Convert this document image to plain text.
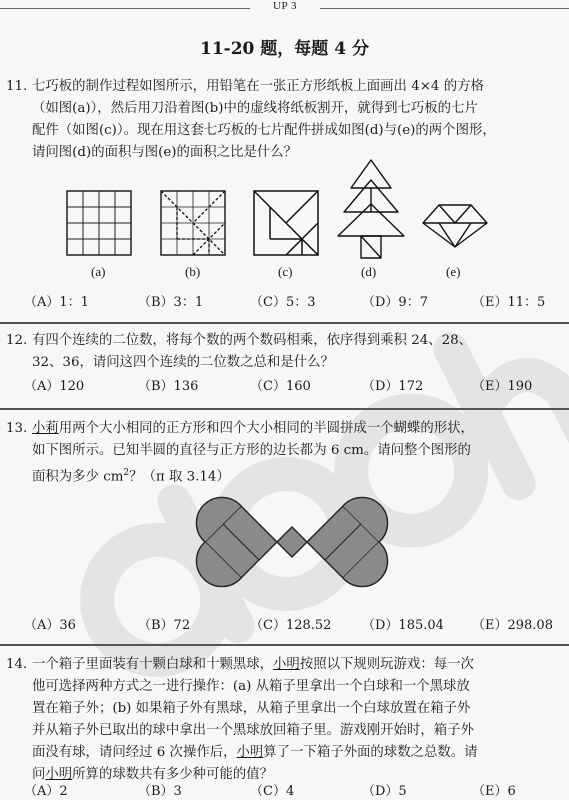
UP 3
11-20 题，每题 4 分
11. 七巧板的制作过程如图所示，用铅笔在一张正方形纸板上面画出 4×4 的方格
（如图(a)），然后用刀沿着图(b)中的虚线将纸板割开，就得到七巧板的七片
配件（如图(c)）。现在用这套七巧板的七片配件拼成如图(d)与(e)的两个图形，
请问图(d)的面积与图(e)的面积之比是什么？
(a)	(b)	(c)	(d)	(e)
（A）1：1	（B）3：1	（C）5：3	（D）9：7	（E）11：5
12. 有四个连续的二位数，将每个数的两个数码相乘，依序得到乘积 24、28、
32、36，请问这四个连续的二位数之总和是什么？
（A）120	（B）136	（C）160	（D）172	（E）190
13. 小莉用两个大小相同的正方形和四个大小相同的半圆拼成一个蝴蝶的形状，
如下图所示。已知半圆的直径与正方形的边长都为 6 cm。请问整个图形的
面积为多少 $cm^2$？（π 取 3.14）
（A）36	（B）72	（C）128.52 （D）185.04 （E）298.08
14. 一个箱子里面装有十颗白球和十颗黑球，小明按照以下规则玩游戏：每一次
他可选择两种方式之一进行操作：(a) 从箱子里拿出一个白球和一个黑球放
置在箱子外；(b) 如果箱子外有黑球，从箱子里拿出一个白球放置在箱子外
并从箱子外已取出的球中拿出一个黑球放回箱子里。游戏刚开始时，箱子外
面没有球，请问经过 6 次操作后，小明算了一下箱子外面的球数之总数。请
问小明所算的球数共有多少种可能的值？
（A）2	（B）3	（C）4	（D）5	（E）6
